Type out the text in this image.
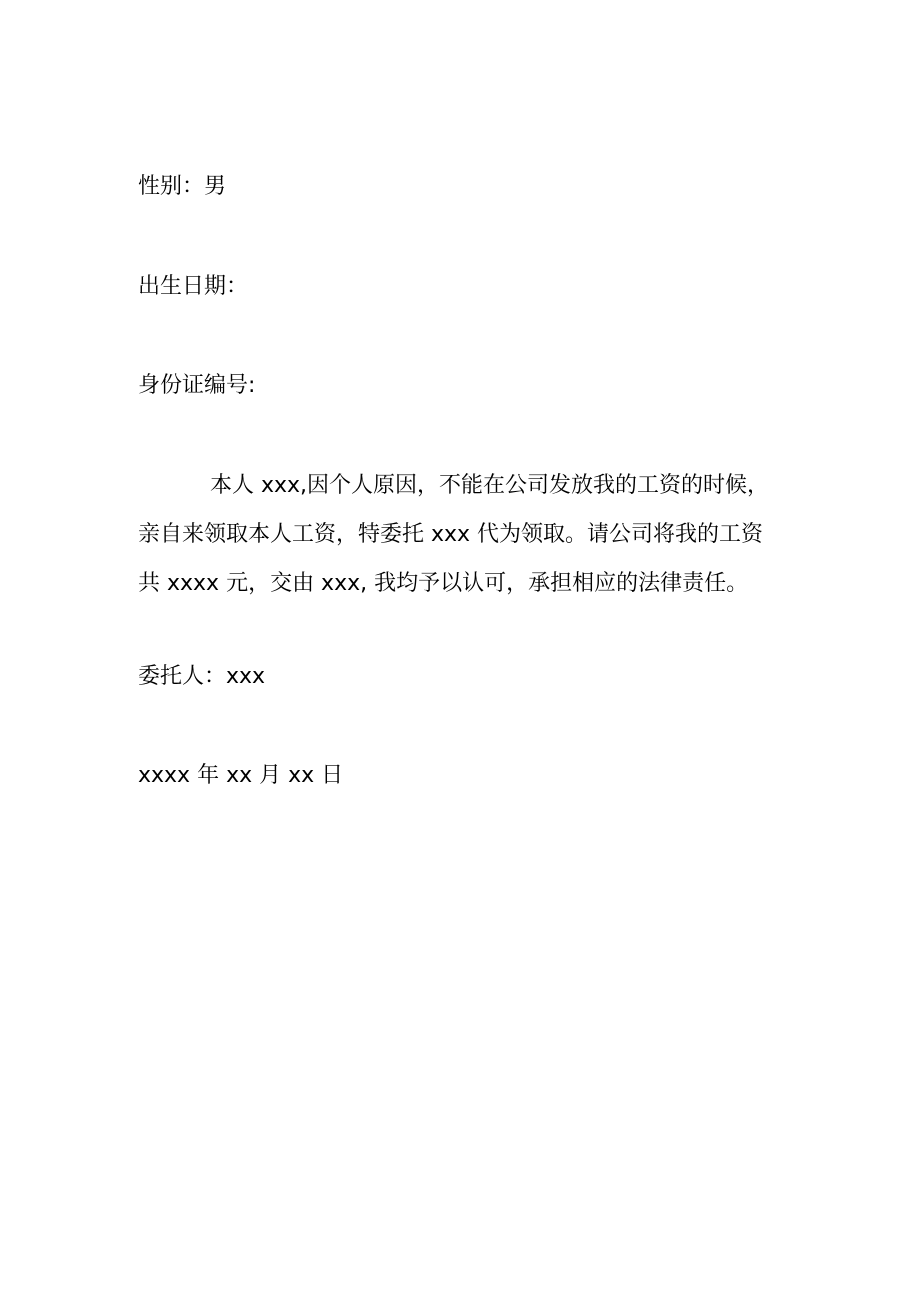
性别：男
出生日期：
身份证编号:
本人 xxx,因个人原因，不能在公司发放我的工资的时候，
亲自来领取本人工资，特委托 xxx 代为领取。请公司将我的工资
共 xxxx 元，交由 xxx, 我均予以认可，承担相应的法律责任。
委托人：xxx
xxxx 年 xx 月 xx 日
